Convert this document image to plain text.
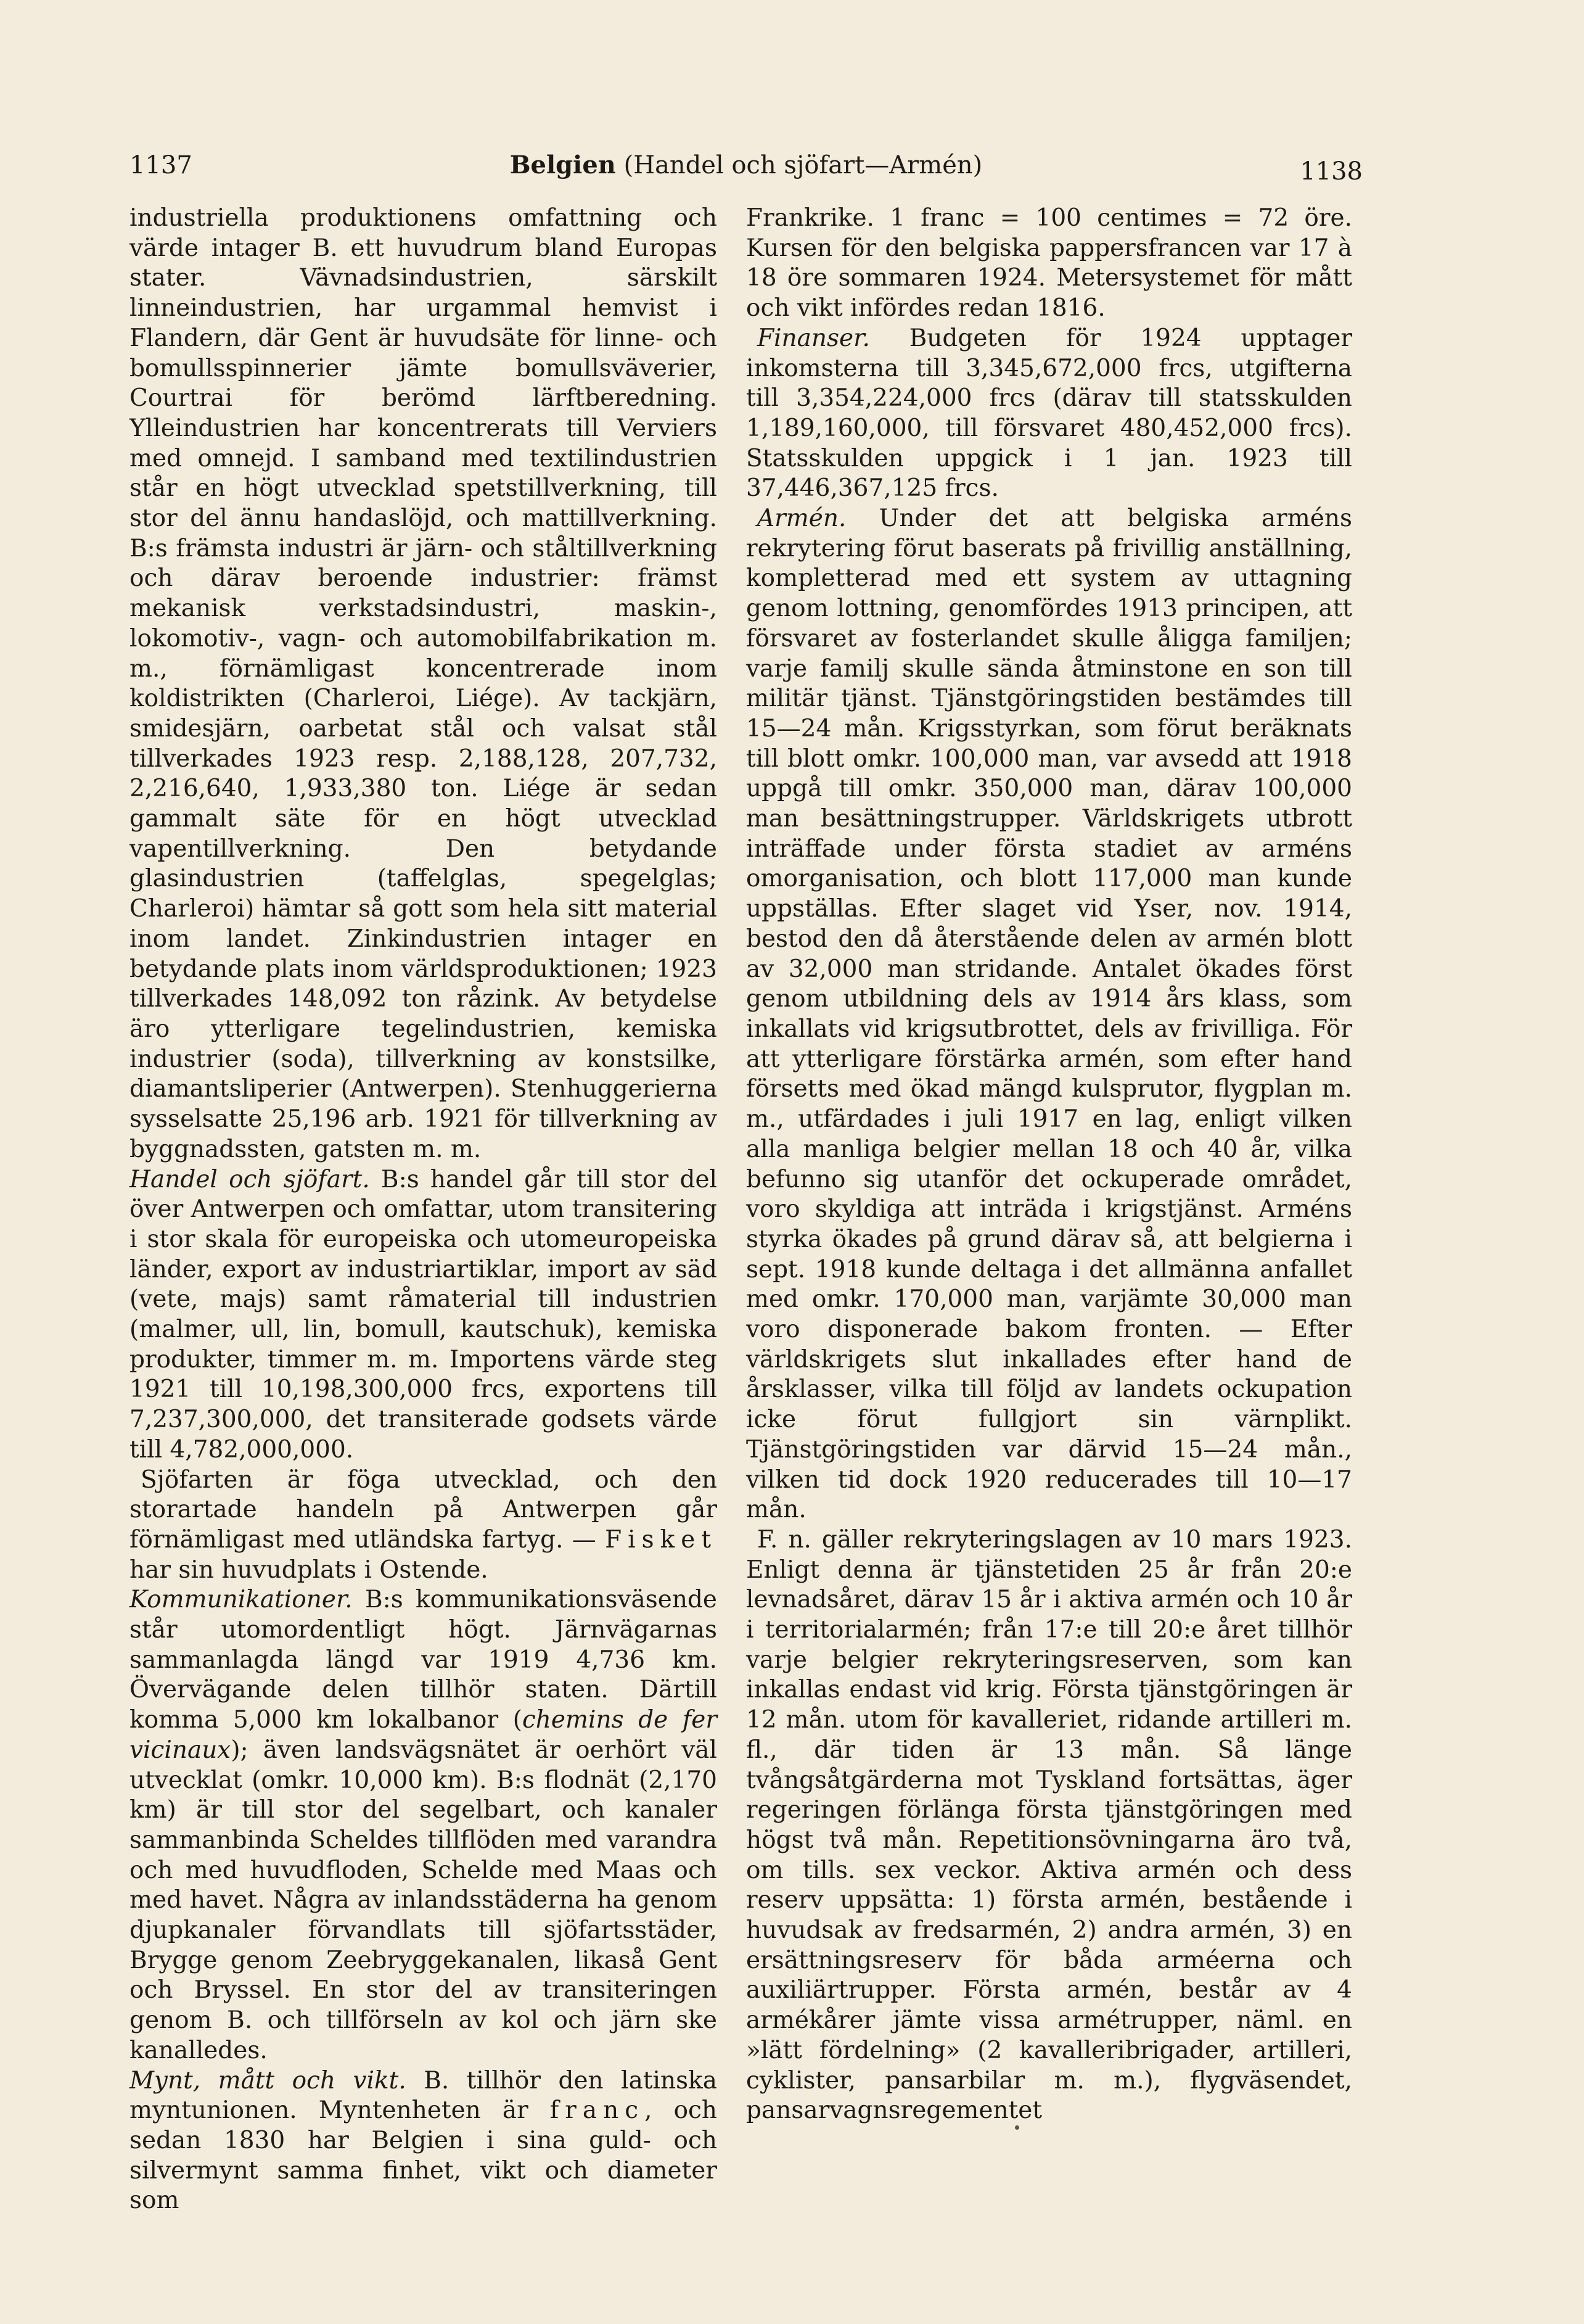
1137	Belgien (Handel och sjöfart—Armén)	1138

industriella produktionens omfattning och värde intager B. ett huvudrum bland Europas stater. Vävnadsindustrien, särskilt linneindustrien, har urgammal hemvist i Flandern, där Gent är huvudsäte för linne- och bomullsspinnerier jämte bomullsväverier, Courtrai för berömd lärftberedning. Ylleindustrien har koncentrerats till Verviers med omnejd. I samband med textilindustrien står en högt utvecklad spetstillverkning, till stor del ännu handaslöjd, och mattillverkning. B:s främsta industri är järn- och ståltillverkning och därav beroende industrier: främst mekanisk verkstadsindustri, maskin-, lokomotiv-, vagn- och automobilfabrikation m. m., förnämligast koncentrerade inom koldistrikten (Charleroi, Liége). Av tackjärn, smidesjärn, oarbetat stål och valsat stål tillverkades 1923 resp. 2,188,128, 207,732, 2,216,640, 1,933,380 ton. Liége är sedan gammalt säte för en högt utvecklad vapentillverkning. Den betydande glasindustrien (taffelglas, spegelglas; Charleroi) hämtar så gott som hela sitt material inom landet. Zinkindustrien intager en betydande plats inom världsproduktionen; 1923 tillverkades 148,092 ton råzink. Av betydelse äro ytterligare tegelindustrien, kemiska industrier (soda), tillverkning av konstsilke, diamantsliperier (Antwerpen). Stenhuggerierna sysselsatte 25,196 arb. 1921 för tillverkning av byggnadssten, gatsten m. m.

Handel och sjöfart. B:s handel går till stor del över Antwerpen och omfattar, utom transitering i stor skala för europeiska och utomeuropeiska länder, export av industriartiklar, import av säd (vete, majs) samt råmaterial till industrien (malmer, ull, lin, bomull, kautschuk), kemiska produkter, timmer m. m. Importens värde steg 1921 till 10,198,300,000 frcs, exportens till 7,237,300,000, det transiterade godsets värde till 4,782,000,000.

Sjöfarten är föga utvecklad, och den storartade handeln på Antwerpen går förnämligast med utländska fartyg. — Fisket har sin huvudplats i Ostende.

Kommunikationer. B:s kommunikationsväsende står utomordentligt högt. Järnvägarnas sammanlagda längd var 1919 4,736 km. Övervägande delen tillhör staten. Därtill komma 5,000 km lokalbanor (chemins de fer vicinaux); även landsvägsnätet är oerhört väl utvecklat (omkr. 10,000 km). B:s flodnät (2,170 km) är till stor del segelbart, och kanaler sammanbinda Scheldes tillflöden med varandra och med huvudfloden, Schelde med Maas och med havet. Några av inlandsstäderna ha genom djupkanaler förvandlats till sjöfartsstäder, Brygge genom Zeebryggekanalen, likaså Gent och Bryssel. En stor del av transiteringen genom B. och tillförseln av kol och järn ske kanalledes.

Mynt, mått och vikt. B. tillhör den latinska myntunionen. Myntenheten är franc, och sedan 1830 har Belgien i sina guld- och silvermynt samma finhet, vikt och diameter som

Frankrike. 1 franc = 100 centimes = 72 öre. Kursen för den belgiska pappersfrancen var 17 à 18 öre sommaren 1924. Metersystemet för mått och vikt infördes redan 1816.

Finanser. Budgeten för 1924 upptager inkomsterna till 3,345,672,000 frcs, utgifterna till 3,354,224,000 frcs (därav till statsskulden 1,189,160,000, till försvaret 480,452,000 frcs). Statsskulden uppgick i 1 jan. 1923 till 37,446,367,125 frcs.

Armén. Under det att belgiska arméns rekrytering förut baserats på frivillig anställning, kompletterad med ett system av uttagning genom lottning, genomfördes 1913 principen, att försvaret av fosterlandet skulle åligga familjen; varje familj skulle sända åtminstone en son till militär tjänst. Tjänstgöringstiden bestämdes till 15—24 mån. Krigsstyrkan, som förut beräknats till blott omkr. 100,000 man, var avsedd att 1918 uppgå till omkr. 350,000 man, därav 100,000 man besättningstrupper. Världskrigets utbrott inträffade under första stadiet av arméns omorganisation, och blott 117,000 man kunde uppställas. Efter slaget vid Yser, nov. 1914, bestod den då återstående delen av armén blott av 32,000 man stridande. Antalet ökades först genom utbildning dels av 1914 års klass, som inkallats vid krigsutbrottet, dels av frivilliga. För att ytterligare förstärka armén, som efter hand försetts med ökad mängd kulsprutor, flygplan m. m., utfärdades i juli 1917 en lag, enligt vilken alla manliga belgier mellan 18 och 40 år, vilka befunno sig utanför det ockuperade området, voro skyldiga att inträda i krigstjänst. Arméns styrka ökades på grund därav så, att belgierna i sept. 1918 kunde deltaga i det allmänna anfallet med omkr. 170,000 man, varjämte 30,000 man voro disponerade bakom fronten. — Efter världskrigets slut inkallades efter hand de årsklasser, vilka till följd av landets ockupation icke förut fullgjort sin värnplikt. Tjänstgöringstiden var därvid 15—24 mån., vilken tid dock 1920 reducerades till 10—17 mån.

F. n. gäller rekryteringslagen av 10 mars 1923. Enligt denna är tjänstetiden 25 år från 20:e levnadsåret, därav 15 år i aktiva armén och 10 år i territorialarmén; från 17:e till 20:e året tillhör varje belgier rekryteringsreserven, som kan inkallas endast vid krig. Första tjänstgöringen är 12 mån. utom för kavalleriet, ridande artilleri m. fl., där tiden är 13 mån. Så länge tvångsåtgärderna mot Tyskland fortsättas, äger regeringen förlänga första tjänstgöringen med högst två mån. Repetitionsövningarna äro två, om tills. sex veckor. Aktiva armén och dess reserv uppsätta: 1) första armén, bestående i huvudsak av fredsarmén, 2) andra armén, 3) en ersättningsreserv för båda arméerna och auxiliärtrupper. Första armén, består av 4 armékårer jämte vissa armétrupper, näml. en »lätt fördelning» (2 kavalleribrigader, artilleri, cyklister, pansarbilar m. m.), flygväsendet, pansarvagnsregementet
